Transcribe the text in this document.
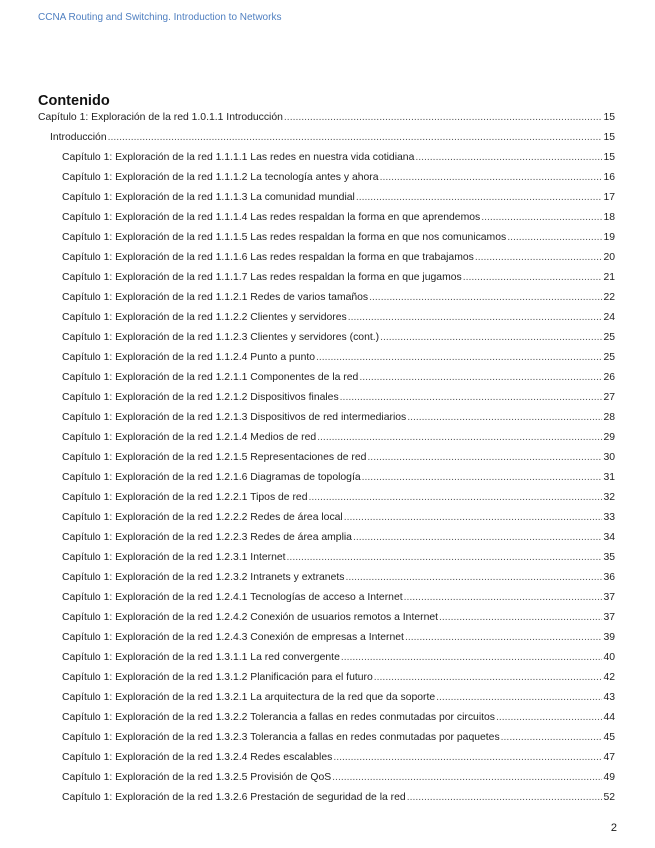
CCNA Routing and Switching. Introduction to Networks
Contenido
Capítulo 1: Exploración de la red 1.0.1.1 Introducción .....	15
Introducción .....	15
Capítulo 1: Exploración de la red 1.1.1.1 Las redes en nuestra vida cotidiana .....	15
Capítulo 1: Exploración de la red 1.1.1.2 La tecnología antes y ahora .....	16
Capítulo 1: Exploración de la red 1.1.1.3 La comunidad mundial .....	17
Capítulo 1: Exploración de la red 1.1.1.4 Las redes respaldan la forma en que aprendemos .....	18
Capítulo 1: Exploración de la red 1.1.1.5 Las redes respaldan la forma en que nos comunicamos .....	19
Capítulo 1: Exploración de la red 1.1.1.6 Las redes respaldan la forma en que trabajamos .....	20
Capítulo 1: Exploración de la red 1.1.1.7 Las redes respaldan la forma en que jugamos .....	21
Capítulo 1: Exploración de la red 1.1.2.1 Redes de varios tamaños .....	22
Capítulo 1: Exploración de la red 1.1.2.2 Clientes y servidores .....	24
Capítulo 1: Exploración de la red 1.1.2.3 Clientes y servidores (cont.) .....	25
Capítulo 1: Exploración de la red 1.1.2.4 Punto a punto .....	25
Capítulo 1: Exploración de la red 1.2.1.1 Componentes de la red .....	26
Capítulo 1: Exploración de la red 1.2.1.2 Dispositivos finales .....	27
Capítulo 1: Exploración de la red 1.2.1.3 Dispositivos de red intermediarios .....	28
Capítulo 1: Exploración de la red 1.2.1.4 Medios de red .....	29
Capítulo 1: Exploración de la red 1.2.1.5 Representaciones de red .....	30
Capítulo 1: Exploración de la red 1.2.1.6 Diagramas de topología .....	31
Capítulo 1: Exploración de la red 1.2.2.1 Tipos de red .....	32
Capítulo 1: Exploración de la red 1.2.2.2 Redes de área local .....	33
Capítulo 1: Exploración de la red 1.2.2.3 Redes de área amplia .....	34
Capítulo 1: Exploración de la red 1.2.3.1 Internet .....	35
Capítulo 1: Exploración de la red 1.2.3.2 Intranets y extranets .....	36
Capítulo 1: Exploración de la red 1.2.4.1 Tecnologías de acceso a Internet .....	37
Capítulo 1: Exploración de la red 1.2.4.2 Conexión de usuarios remotos a Internet .....	37
Capítulo 1: Exploración de la red 1.2.4.3 Conexión de empresas a Internet .....	39
Capítulo 1: Exploración de la red 1.3.1.1 La red convergente .....	40
Capítulo 1: Exploración de la red 1.3.1.2 Planificación para el futuro .....	42
Capítulo 1: Exploración de la red 1.3.2.1 La arquitectura de la red que da soporte .....	43
Capítulo 1: Exploración de la red 1.3.2.2 Tolerancia a fallas en redes conmutadas por circuitos .....	44
Capítulo 1: Exploración de la red 1.3.2.3 Tolerancia a fallas en redes conmutadas por paquetes .....	45
Capítulo 1: Exploración de la red 1.3.2.4 Redes escalables .....	47
Capítulo 1: Exploración de la red 1.3.2.5 Provisión de QoS .....	49
Capítulo 1: Exploración de la red 1.3.2.6 Prestación de seguridad de la red .....	52
2
